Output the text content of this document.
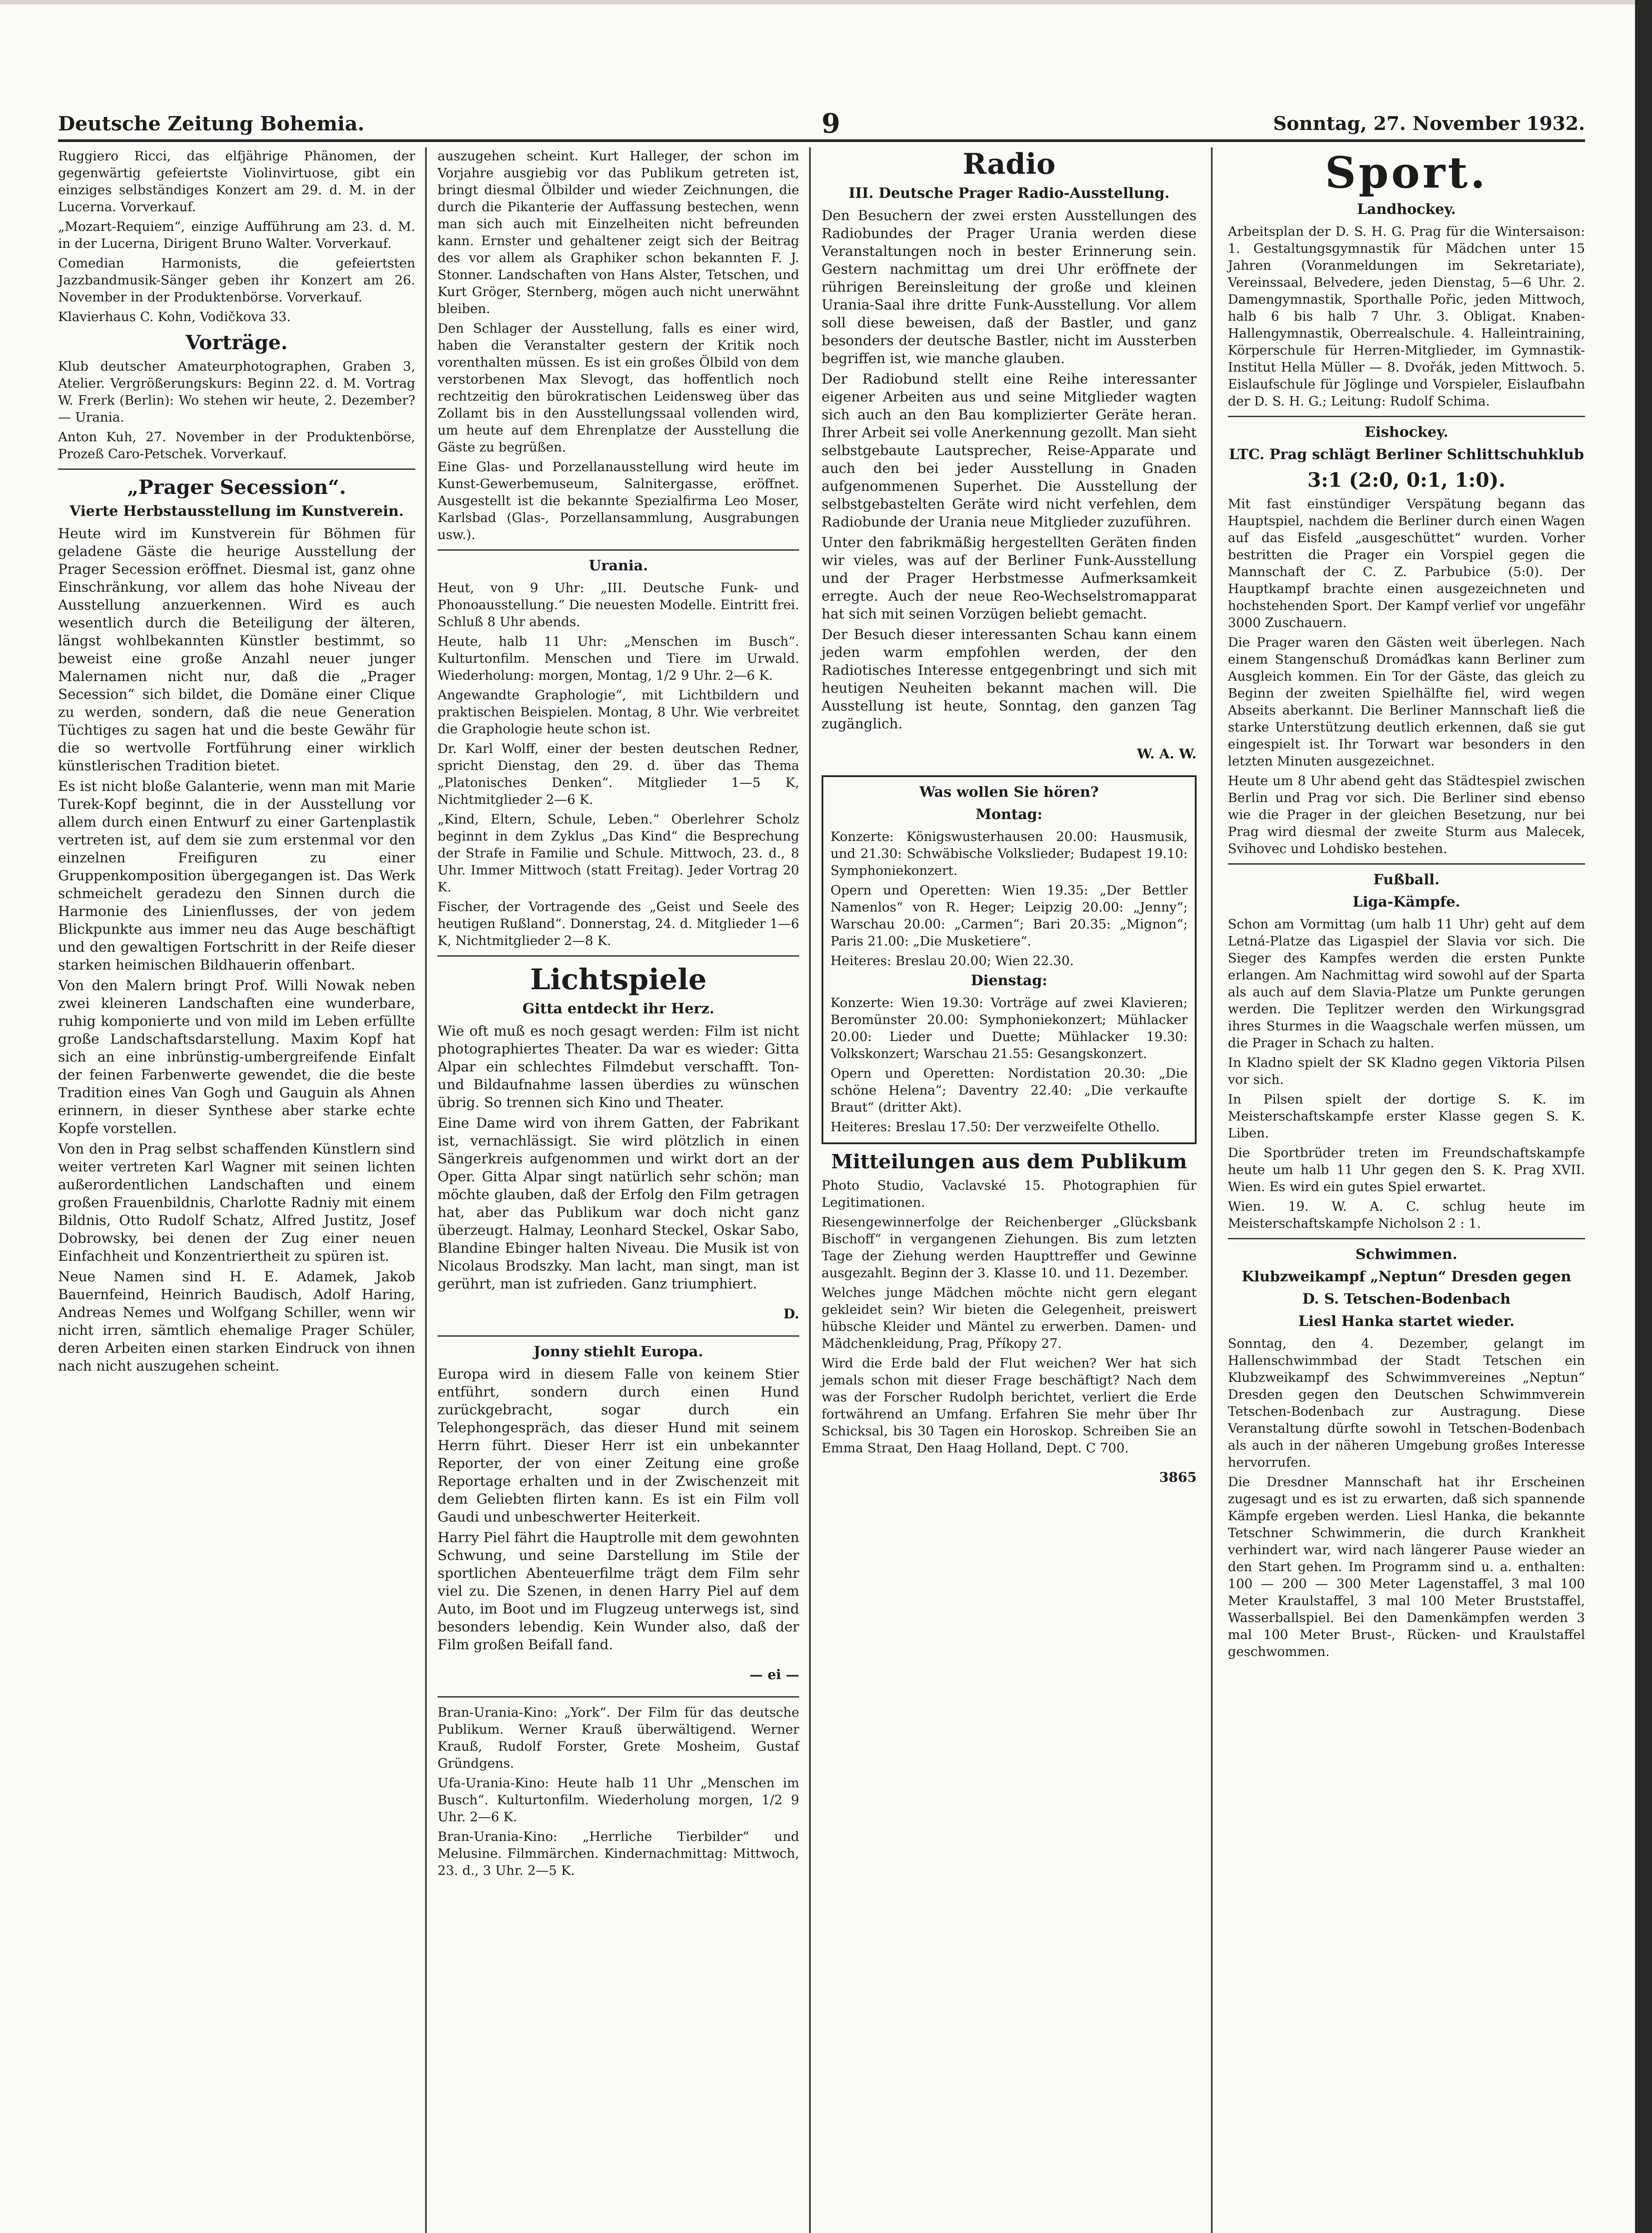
Deutsche Zeitung Bohemia.	9	Sonntag, 27. November 1932.

Ruggiero Ricci, das elfjährige Phänomen, der gegenwärtig gefeiertste Violinvirtuose, gibt ein einziges selbständiges Konzert am 29. d. M. in der Lucerna. Vorverkauf.

„Mozart-Requiem“, einzige Aufführung am 23. d. M. in der Lucerna, Dirigent Bruno Walter. Vorverkauf.

Comedian Harmonists, die gefeiertsten Jazzbandmusik-Sänger geben ihr Konzert am 26. November in der Produktenbörse. Vorverkauf.

Klavierhaus C. Kohn, Vodičkova 33.

Vorträge.

Klub deutscher Amateurphotographen, Graben 3, Atelier. Vergrößerungskurs: Beginn 22. d. M. Vortrag W. Frerk (Berlin): Wo stehen wir heute, 2. Dezember? — Urania.

Anton Kuh, 27. November in der Produktenbörse, Prozeß Caro-Petschek. Vorverkauf.

„Prager Secession“.
Vierte Herbstausstellung im Kunstverein.

Heute wird im Kunstverein für Böhmen für geladene Gäste die heurige Ausstellung der Prager Secession eröffnet. Diesmal ist, ganz ohne Einschränkung, vor allem das hohe Niveau der Ausstellung anzuerkennen. Wird es auch wesentlich durch die Beteiligung der älteren, längst wohlbekannten Künstler bestimmt, so beweist eine große Anzahl neuer junger Malernamen nicht nur, daß die „Prager Secession“ sich bildet, die Domäne einer Clique zu werden, sondern, daß die neue Generation Tüchtiges zu sagen hat und die beste Gewähr für die so wertvolle Fortführung einer wirklich künstlerischen Tradition bietet.

Es ist nicht bloße Galanterie, wenn man mit Marie Turek-Kopf beginnt, die in der Ausstellung vor allem durch einen Entwurf zu einer Gartenplastik vertreten ist, auf dem sie zum erstenmal vor den einzelnen Freifiguren zu einer Gruppenkomposition übergegangen ist. Das Werk schmeichelt geradezu den Sinnen durch die Harmonie des Linienflusses, der von jedem Blickpunkte aus immer neu das Auge beschäftigt und den gewaltigen Fortschritt in der Reife dieser starken heimischen Bildhauerin offenbart.

Von den Malern bringt Prof. Willi Nowak neben zwei kleineren Landschaften eine wunderbare, ruhig komponierte und von mild im Leben erfüllte große Landschaftsdarstellung. Maxim Kopf hat sich an eine inbrünstig-umbergreifende Einfalt der feinen Farbenwerte gewendet, die die beste Tradition eines Van Gogh und Gauguin als Ahnen erinnern, in dieser Synthese aber starke echte Kopfe vorstellen.

Von den in Prag selbst schaffenden Künstlern sind weiter vertreten Karl Wagner mit seinen lichten außerordentlichen Landschaften und einem großen Frauenbildnis, Charlotte Radniy mit einem Bildnis, Otto Rudolf Schatz, Alfred Justitz, Josef Dobrowsky, bei denen der Zug einer neuen Einfachheit und Konzentriertheit zu spüren ist.

Neue Namen sind H. E. Adamek, Jakob Bauernfeind, Heinrich Baudisch, Adolf Haring, Andreas Nemes und Wolfgang Schiller, wenn wir nicht irren, sämtlich ehemalige Prager Schüler, deren Arbeiten einen starken Eindruck von ihnen nach nicht auszugehen scheint.

auszugehen scheint. Kurt Halleger, der schon im Vorjahre ausgiebig vor das Publikum getreten ist, bringt diesmal Ölbilder und wieder Zeichnungen, die durch die Pikanterie der Auffassung bestechen, wenn man sich auch mit Einzelheiten nicht befreunden kann. Ernster und gehaltener zeigt sich der Beitrag des vor allem als Graphiker schon bekannten F. J. Stonner. Landschaften von Hans Alster, Tetschen, und Kurt Gröger, Sternberg, mögen auch nicht unerwähnt bleiben.

Den Schlager der Ausstellung, falls es einer wird, haben die Veranstalter gestern der Kritik noch vorenthalten müssen. Es ist ein großes Ölbild von dem verstorbenen Max Slevogt, das hoffentlich noch rechtzeitig den bürokratischen Leidensweg über das Zollamt bis in den Ausstellungssaal vollenden wird, um heute auf dem Ehrenplatze der Ausstellung die Gäste zu begrüßen.

Eine Glas- und Porzellanausstellung wird heute im Kunst-Gewerbemuseum, Salnitergasse, eröffnet. Ausgestellt ist die bekannte Spezialfirma Leo Moser, Karlsbad (Glas-, Porzellansammlung, Ausgrabungen usw.).

Urania.

Heut, von 9 Uhr: „III. Deutsche Funk- und Phonoausstellung.“ Die neuesten Modelle. Eintritt frei. Schluß 8 Uhr abends.

Heute, halb 11 Uhr: „Menschen im Busch“. Kulturtonfilm. Menschen und Tiere im Urwald. Wiederholung: morgen, Montag, 1/2 9 Uhr. 2—6 K.

Angewandte Graphologie“, mit Lichtbildern und praktischen Beispielen. Montag, 8 Uhr. Wie verbreitet die Graphologie heute schon ist.

Dr. Karl Wolff, einer der besten deutschen Redner, spricht Dienstag, den 29. d. über das Thema „Platonisches Denken“. Mitglieder 1—5 K, Nichtmitglieder 2—6 K.

„Kind, Eltern, Schule, Leben.“ Oberlehrer Scholz beginnt in dem Zyklus „Das Kind“ die Besprechung der Strafe in Familie und Schule. Mittwoch, 23. d., 8 Uhr. Immer Mittwoch (statt Freitag). Jeder Vortrag 20 K.

Fischer, der Vortragende des „Geist und Seele des heutigen Rußland“. Donnerstag, 24. d. Mitglieder 1—6 K, Nichtmitglieder 2—8 K.

Lichtspiele
Gitta entdeckt ihr Herz.

Wie oft muß es noch gesagt werden: Film ist nicht photographiertes Theater. Da war es wieder: Gitta Alpar ein schlechtes Filmdebut verschafft. Ton- und Bildaufnahme lassen überdies zu wünschen übrig. So trennen sich Kino und Theater.

Eine Dame wird von ihrem Gatten, der Fabrikant ist, vernachlässigt. Sie wird plötzlich in einen Sängerkreis aufgenommen und wirkt dort an der Oper. Gitta Alpar singt natürlich sehr schön; man möchte glauben, daß der Erfolg den Film getragen hat, aber das Publikum war doch nicht ganz überzeugt. Halmay, Leonhard Steckel, Oskar Sabo, Blandine Ebinger halten Niveau. Die Musik ist von Nicolaus Brodszky. Man lacht, man singt, man ist gerührt, man ist zufrieden. Ganz triumphiert.

D.

Jonny stiehlt Europa.

Europa wird in diesem Falle von keinem Stier entführt, sondern durch einen Hund zurückgebracht, sogar durch ein Telephongespräch, das dieser Hund mit seinem Herrn führt. Dieser Herr ist ein unbekannter Reporter, der von einer Zeitung eine große Reportage erhalten und in der Zwischenzeit mit dem Geliebten flirten kann. Es ist ein Film voll Gaudi und unbeschwerter Heiterkeit.

Harry Piel fährt die Hauptrolle mit dem gewohnten Schwung, und seine Darstellung im Stile der sportlichen Abenteuerfilme trägt dem Film sehr viel zu. Die Szenen, in denen Harry Piel auf dem Auto, im Boot und im Flugzeug unterwegs ist, sind besonders lebendig. Kein Wunder also, daß der Film großen Beifall fand.

— ei —

Bran-Urania-Kino: „York“. Der Film für das deutsche Publikum. Werner Krauß überwältigend. Werner Krauß, Rudolf Forster, Grete Mosheim, Gustaf Gründgens.

Ufa-Urania-Kino: Heute halb 11 Uhr „Menschen im Busch“. Kulturtonfilm. Wiederholung morgen, 1/2 9 Uhr. 2—6 K.

Bran-Urania-Kino: „Herrliche Tierbilder“ und Melusine. Filmmärchen. Kindernachmittag: Mittwoch, 23. d., 3 Uhr. 2—5 K.

Radio
III. Deutsche Prager Radio-Ausstellung.

Den Besuchern der zwei ersten Ausstellungen des Radiobundes der Prager Urania werden diese Veranstaltungen noch in bester Erinnerung sein. Gestern nachmittag um drei Uhr eröffnete der rührigen Bereinsleitung der große und kleinen Urania-Saal ihre dritte Funk-Ausstellung. Vor allem soll diese beweisen, daß der Bastler, und ganz besonders der deutsche Bastler, nicht im Aussterben begriffen ist, wie manche glauben.

Der Radiobund stellt eine Reihe interessanter eigener Arbeiten aus und seine Mitglieder wagten sich auch an den Bau komplizierter Geräte heran. Ihrer Arbeit sei volle Anerkennung gezollt. Man sieht selbstgebaute Lautsprecher, Reise-Apparate und auch den bei jeder Ausstellung in Gnaden aufgenommenen Superhet. Die Ausstellung der selbstgebastelten Geräte wird nicht verfehlen, dem Radiobunde der Urania neue Mitglieder zuzuführen.

Unter den fabrikmäßig hergestellten Geräten finden wir vieles, was auf der Berliner Funk-Ausstellung und der Prager Herbstmesse Aufmerksamkeit erregte. Auch der neue Reo-Wechselstromapparat hat sich mit seinen Vorzügen beliebt gemacht.

Der Besuch dieser interessanten Schau kann einem jeden warm empfohlen werden, der den Radiotisches Interesse entgegenbringt und sich mit heutigen Neuheiten bekannt machen will. Die Ausstellung ist heute, Sonntag, den ganzen Tag zugänglich.

W. A. W.

Was wollen Sie hören?
Montag:

Konzerte: Königswusterhausen 20.00: Hausmusik, und 21.30: Schwäbische Volkslieder; Budapest 19.10: Symphoniekonzert.

Opern und Operetten: Wien 19.35: „Der Bettler Namenlos“ von R. Heger; Leipzig 20.00: „Jenny“; Warschau 20.00: „Carmen“; Bari 20.35: „Mignon“; Paris 21.00: „Die Musketiere“.

Heiteres: Breslau 20.00; Wien 22.30.

Dienstag:

Konzerte: Wien 19.30: Vorträge auf zwei Klavieren; Beromünster 20.00: Symphoniekonzert; Mühlacker 20.00: Lieder und Duette; Mühlacker 19.30: Volkskonzert; Warschau 21.55: Gesangskonzert.

Opern und Operetten: Nordistation 20.30: „Die schöne Helena“; Daventry 22.40: „Die verkaufte Braut“ (dritter Akt).

Heiteres: Breslau 17.50: Der verzweifelte Othello.

Mitteilungen aus dem Publikum

Photo Studio, Vaclavské 15. Photographien für Legitimationen.

Riesengewinnerfolge der Reichenberger „Glücksbank Bischoff“ in vergangenen Ziehungen. Bis zum letzten Tage der Ziehung werden Haupttreffer und Gewinne ausgezahlt. Beginn der 3. Klasse 10. und 11. Dezember.

Welches junge Mädchen möchte nicht gern elegant gekleidet sein? Wir bieten die Gelegenheit, preiswert hübsche Kleider und Mäntel zu erwerben. Damen- und Mädchenkleidung, Prag, Příkopy 27.

Wird die Erde bald der Flut weichen? Wer hat sich jemals schon mit dieser Frage beschäftigt? Nach dem was der Forscher Rudolph berichtet, verliert die Erde fortwährend an Umfang. Erfahren Sie mehr über Ihr Schicksal, bis 30 Tagen ein Horoskop. Schreiben Sie an Emma Straat, Den Haag Holland, Dept. C 700.

3865

Sport.
Landhockey.

Arbeitsplan der D. S. H. G. Prag für die Wintersaison: 1. Gestaltungsgymnastik für Mädchen unter 15 Jahren (Voranmeldungen im Sekretariate), Vereinssaal, Belvedere, jeden Dienstag, 5—6 Uhr. 2. Damengymnastik, Sporthalle Pořic, jeden Mittwoch, halb 6 bis halb 7 Uhr. 3. Obligat. Knaben-Hallengymnastik, Oberrealschule. 4. Halleintraining, Körperschule für Herren-Mitglieder, im Gymnastik-Institut Hella Müller — 8. Dvořák, jeden Mittwoch. 5. Eislaufschule für Jöglinge und Vorspieler, Eislaufbahn der D. S. H. G.; Leitung: Rudolf Schima.

Eishockey.
LTC. Prag schlägt Berliner Schlittschuhklub
3:1 (2:0, 0:1, 1:0).

Mit fast einstündiger Verspätung begann das Hauptspiel, nachdem die Berliner durch einen Wagen auf das Eisfeld „ausgeschüttet“ wurden. Vorher bestritten die Prager ein Vorspiel gegen die Mannschaft der C. Z. Parbubice (5:0). Der Hauptkampf brachte einen ausgezeichneten und hochstehenden Sport. Der Kampf verlief vor ungefähr 3000 Zuschauern.

Die Prager waren den Gästen weit überlegen. Nach einem Stangenschuß Dromáďkas kann Berliner zum Ausgleich kommen. Ein Tor der Gäste, das gleich zu Beginn der zweiten Spielhälfte fiel, wird wegen Abseits aberkannt. Die Berliner Mannschaft ließ die starke Unterstützung deutlich erkennen, daß sie gut eingespielt ist. Ihr Torwart war besonders in den letzten Minuten ausgezeichnet.

Heute um 8 Uhr abend geht das Städtespiel zwischen Berlin und Prag vor sich. Die Berliner sind ebenso wie die Prager in der gleichen Besetzung, nur bei Prag wird diesmal der zweite Sturm aus Malecek, Svihovec und Lohdisko bestehen.

Fußball.
Liga-Kämpfe.

Schon am Vormittag (um halb 11 Uhr) geht auf dem Letná-Platze das Ligaspiel der Slavia vor sich. Die Sieger des Kampfes werden die ersten Punkte erlangen. Am Nachmittag wird sowohl auf der Sparta als auch auf dem Slavia-Platze um Punkte gerungen werden. Die Teplitzer werden den Wirkungsgrad ihres Sturmes in die Waagschale werfen müssen, um die Prager in Schach zu halten.

In Kladno spielt der SK Kladno gegen Viktoria Pilsen vor sich.

In Pilsen spielt der dortige S. K. im Meisterschaftskampfe erster Klasse gegen S. K. Liben.

Die Sportbrüder treten im Freundschaftskampfe heute um halb 11 Uhr gegen den S. K. Prag XVII. Wien. Es wird ein gutes Spiel erwartet.

Wien. 19. W. A. C. schlug heute im Meisterschaftskampfe Nicholson 2 : 1.

Schwimmen.
Klubzweikampf „Neptun“ Dresden gegen
D. S. Tetschen-Bodenbach
Liesl Hanka startet wieder.

Sonntag, den 4. Dezember, gelangt im Hallenschwimmbad der Stadt Tetschen ein Klubzweikampf des Schwimmvereines „Neptun“ Dresden gegen den Deutschen Schwimmverein Tetschen-Bodenbach zur Austragung. Diese Veranstaltung dürfte sowohl in Tetschen-Bodenbach als auch in der näheren Umgebung großes Interesse hervorrufen.

Die Dresdner Mannschaft hat ihr Erscheinen zugesagt und es ist zu erwarten, daß sich spannende Kämpfe ergeben werden. Liesl Hanka, die bekannte Tetschner Schwimmerin, die durch Krankheit verhindert war, wird nach längerer Pause wieder an den Start gehen. Im Programm sind u. a. enthalten: 100 — 200 — 300 Meter Lagenstaffel, 3 mal 100 Meter Kraulstaffel, 3 mal 100 Meter Bruststaffel, Wasserballspiel. Bei den Damenkämpfen werden 3 mal 100 Meter Brust-, Rücken- und Kraulstaffel geschwommen.
